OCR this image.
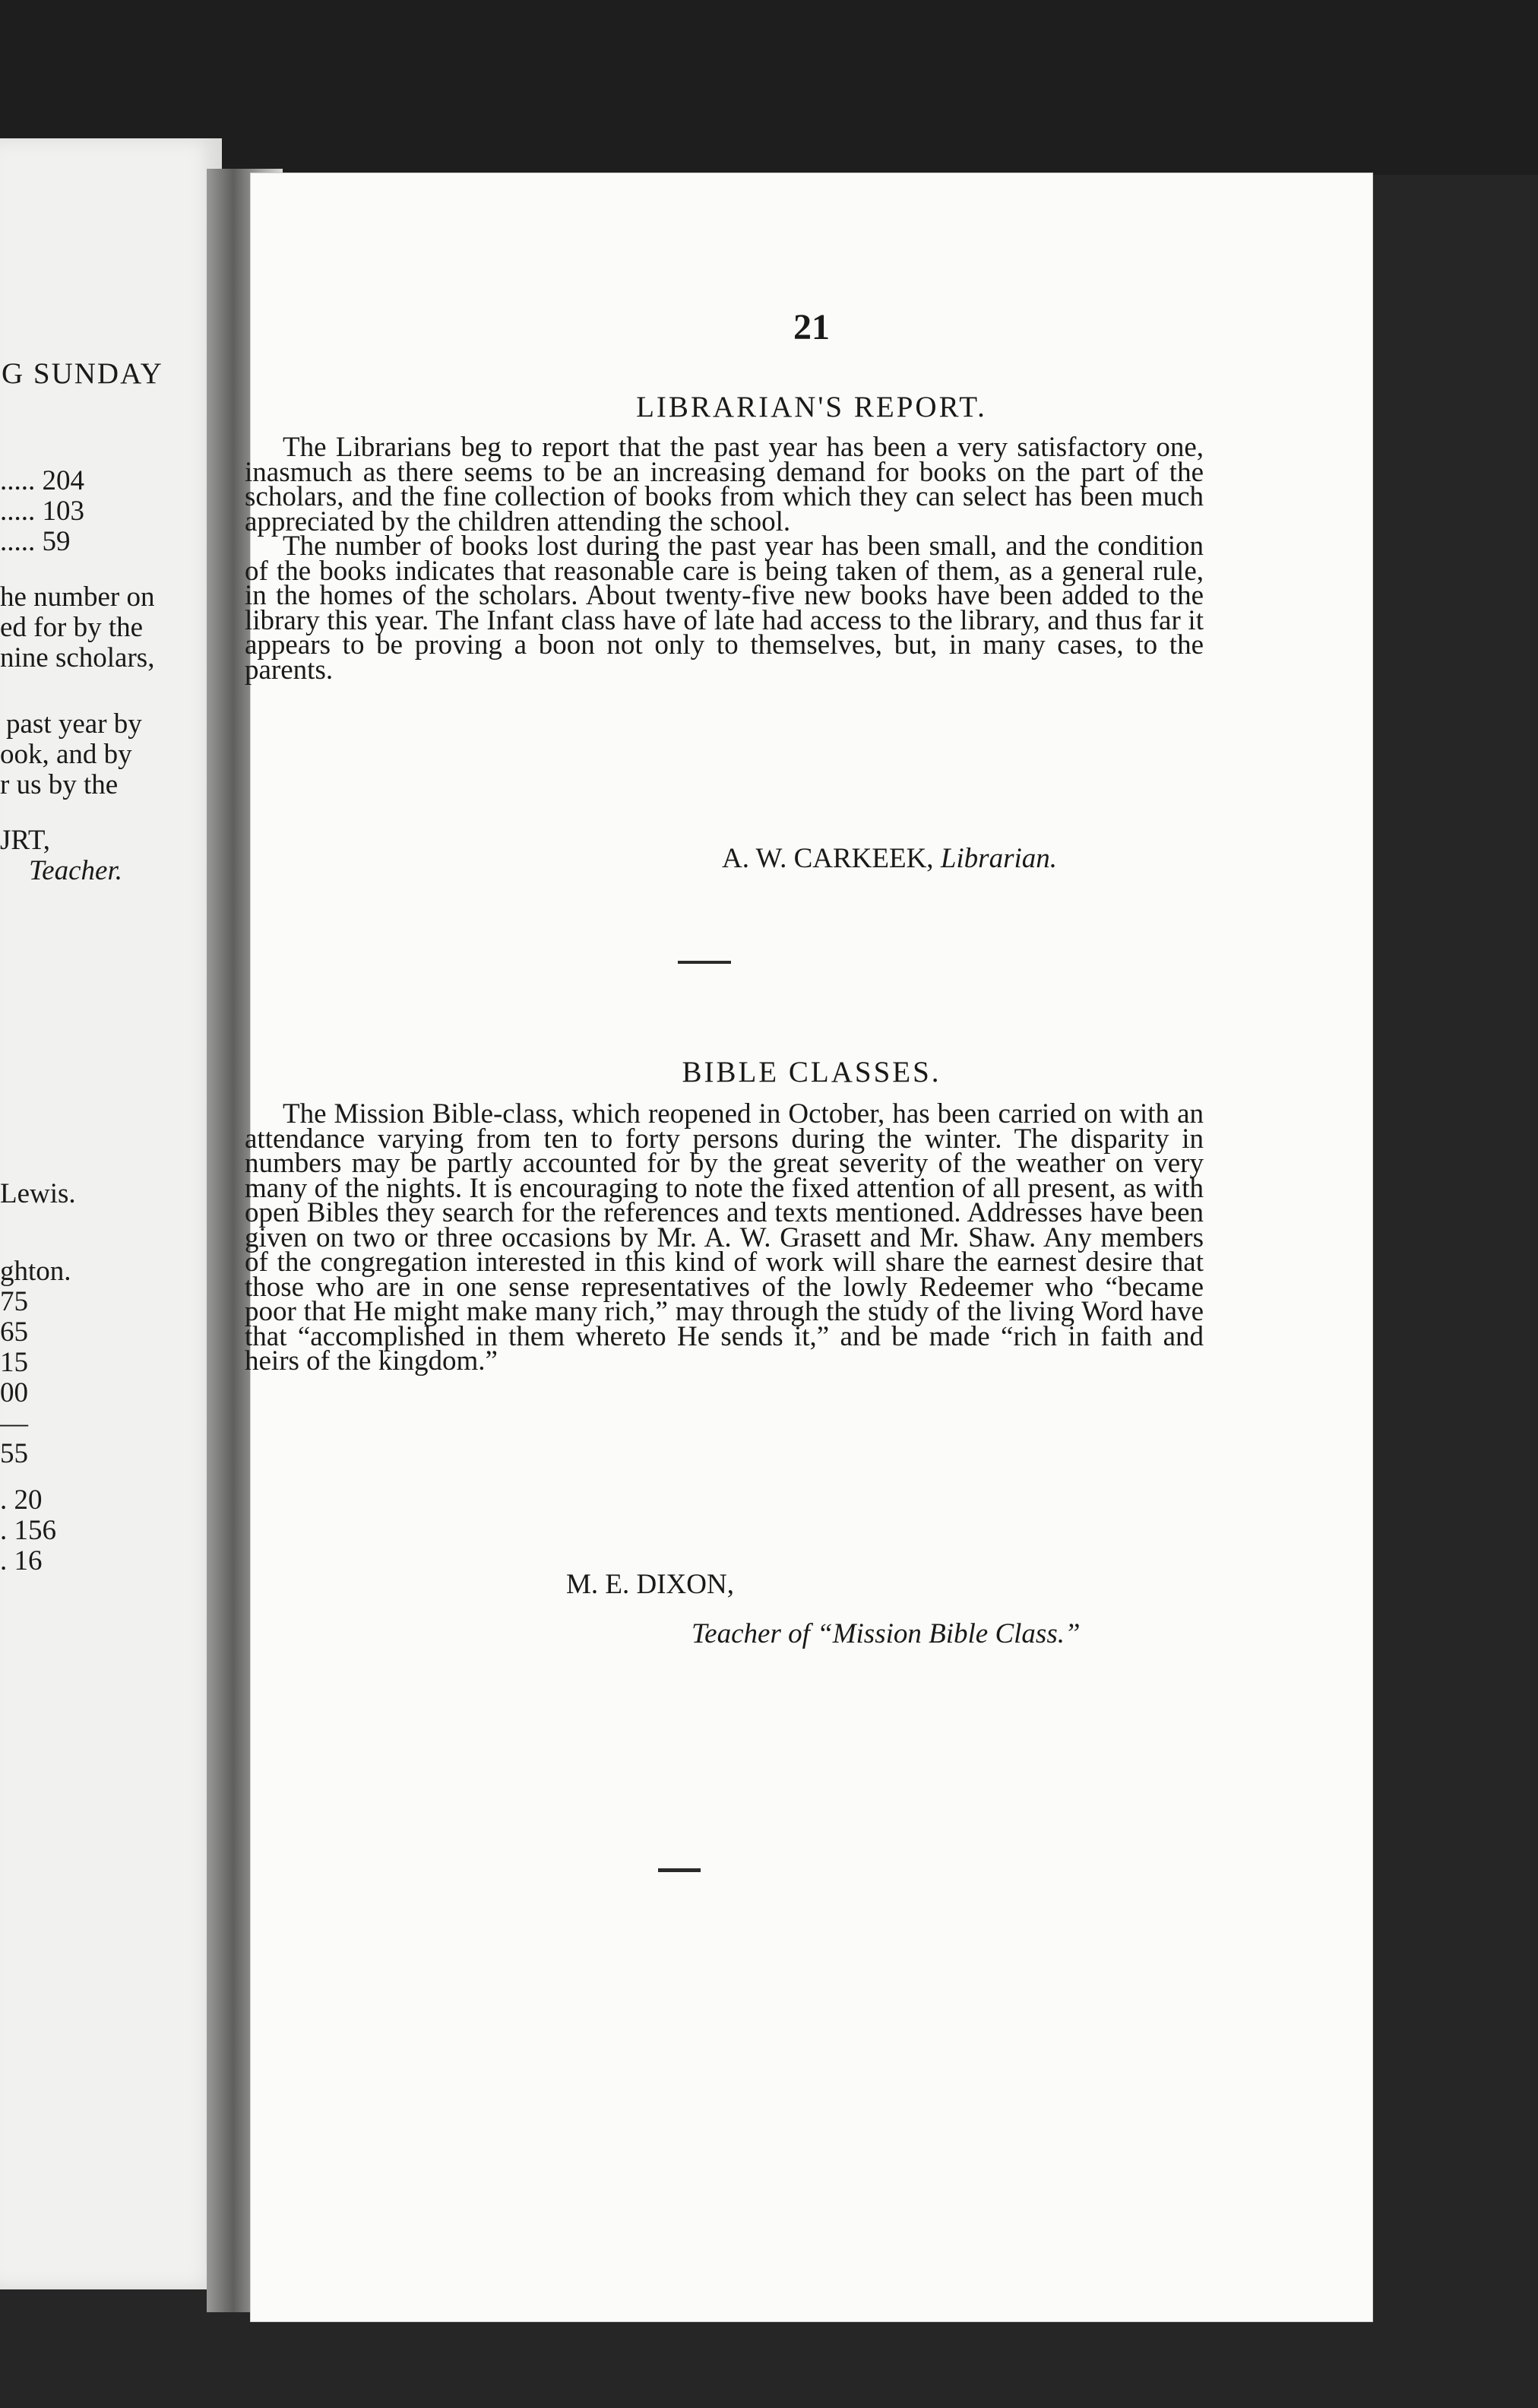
G SUNDAY
..... 204
..... 103
..... 59
he number on
ed for by the
nine scholars,
past year by
ook, and by
r us by the
JRT,
Teacher.
Lewis.
ghton.
75
65
15
00
—
55
. 20
. 156
. 16
21
LIBRARIAN'S REPORT.

The Librarians beg to report that the past year has been a very satisfactory one, inasmuch as there seems to be an increasing demand for books on the part of the scholars, and the fine collection of books from which they can select has been much appreciated by the children attending the school.

The number of books lost during the past year has been small, and the condition of the books indicates that reasonable care is being taken of them, as a general rule, in the homes of the scholars. About twenty-five new books have been added to the library this year. The Infant class have of late had access to the library, and thus far it appears to be proving a boon not only to themselves, but, in many cases, to the parents.

A. W. CARKEEK, Librarian.
BIBLE CLASSES.

The Mission Bible-class, which reopened in October, has been carried on with an attendance varying from ten to forty persons during the winter. The disparity in numbers may be partly accounted for by the great severity of the weather on very many of the nights. It is encouraging to note the fixed attention of all present, as with open Bibles they search for the references and texts mentioned. Addresses have been given on two or three occasions by Mr. A. W. Grasett and Mr. Shaw. Any members of the congregation interested in this kind of work will share the earnest desire that those who are in one sense representatives of the lowly Redeemer who “became poor that He might make many rich,” may through the study of the living Word have that “accomplished in them whereto He sends it,” and be made “rich in faith and heirs of the kingdom.”

M. E. DIXON,
Teacher of “Mission Bible Class.”
